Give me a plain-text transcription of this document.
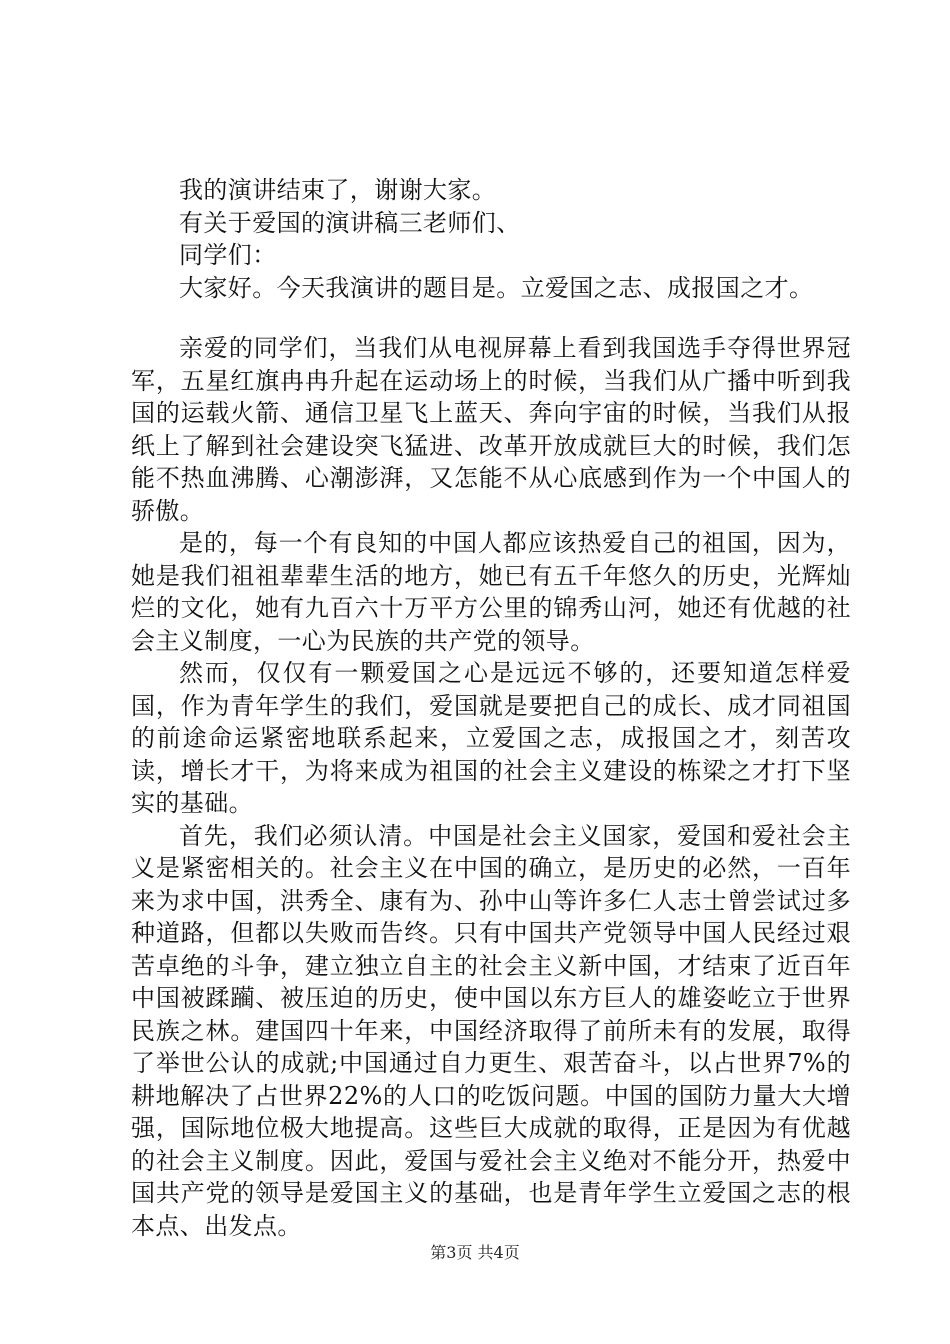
我的演讲结束了，谢谢大家。

有关于爱国的演讲稿三老师们、

同学们：

大家好。今天我演讲的题目是。立爱国之志、成报国之才。

亲爱的同学们，当我们从电视屏幕上看到我国选手夺得世界冠军，五星红旗冉冉升起在运动场上的时候，当我们从广播中听到我国的运载火箭、通信卫星飞上蓝天、奔向宇宙的时候，当我们从报纸上了解到社会建设突飞猛进、改革开放成就巨大的时候，我们怎能不热血沸腾、心潮澎湃，又怎能不从心底感到作为一个中国人的骄傲。

是的，每一个有良知的中国人都应该热爱自己的祖国，因为，她是我们祖祖辈辈生活的地方，她已有五千年悠久的历史，光辉灿烂的文化，她有九百六十万平方公里的锦秀山河，她还有优越的社会主义制度，一心为民族的共产党的领导。

然而，仅仅有一颗爱国之心是远远不够的，还要知道怎样爱国，作为青年学生的我们，爱国就是要把自己的成长、成才同祖国的前途命运紧密地联系起来，立爱国之志，成报国之才，刻苦攻读，增长才干，为将来成为祖国的社会主义建设的栋梁之才打下坚实的基础。

首先，我们必须认清。中国是社会主义国家，爱国和爱社会主义是紧密相关的。社会主义在中国的确立，是历史的必然，一百年来为求中国，洪秀全、康有为、孙中山等许多仁人志士曾尝试过多种道路，但都以失败而告终。只有中国共产党领导中国人民经过艰苦卓绝的斗争，建立独立自主的社会主义新中国，才结束了近百年中国被蹂躏、被压迫的历史，使中国以东方巨人的雄姿屹立于世界民族之林。建国四十年来，中国经济取得了前所未有的发展，取得了举世公认的成就;中国通过自力更生、艰苦奋斗，以占世界7%的耕地解决了占世界22%的人口的吃饭问题。中国的国防力量大大增强，国际地位极大地提高。这些巨大成就的取得，正是因为有优越的社会主义制度。因此，爱国与爱社会主义绝对不能分开，热爱中国共产党的领导是爱国主义的基础，也是青年学生立爱国之志的根本点、出发点。

第3页 共4页
